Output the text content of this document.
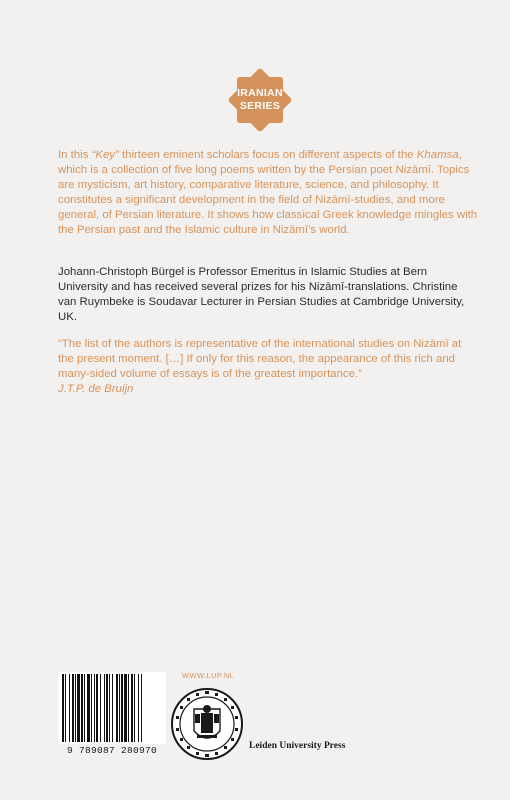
IRANIAN
SERIES

In this “Key” thirteen eminent scholars focus on different aspects of the Khamsa, which is a collection of five long poems written by the Persian poet Nizāmī. Topics are mysticism, art history, comparative literature, science, and philosophy. It constitutes a significant development in the field of Nizāmī-studies, and more general, of Persian literature. It shows how classical Greek knowledge mingles with the Persian past and the Islamic culture in Nizāmī’s world.

Johann-Christoph Bürgel is Professor Emeritus in Islamic Studies at Bern University and has received several prizes for his Nizāmī-translations. Christine van Ruymbeke is Soudavar Lecturer in Persian Studies at Cambridge University, UK.

“The list of the authors is representative of the international studies on Nizāmī at the present moment. […] If only for this reason, the appearance of this rich and many-sided volume of essays is of the greatest importance.”

J.T.P. de Bruijn

9 789087 280970
WWW.LUP.NL
Leiden University Press
